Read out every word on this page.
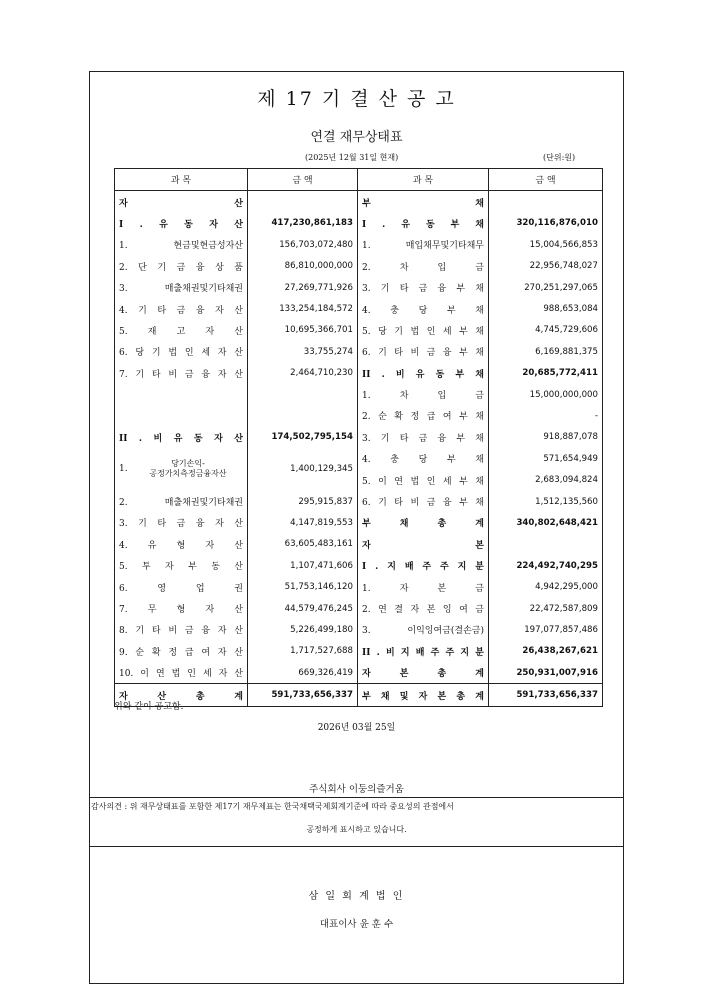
제 17 기 결 산 공 고
연결 재무상태표
(2025년 12월 31일 현재)	(단위:원)
과 목	금 액	과 목	금 액

자 산		부 채	

I . 유 동 자 산	417,230,861,183	I . 유 동 부 채	320,116,876,010

1. 현금및현금성자산	156,703,072,480	1. 매입채무및기타채무	15,004,566,853

2. 단 기 금 융 상 품	86,810,000,000	2. 차 입 금	22,956,748,027

3. 매출채권및기타채권	27,269,771,926	3. 기 타 금 융 부 채	270,251,297,065

4. 기 타 금 융 자 산	133,254,184,572	4. 충 당 부 채	988,653,084

5. 재 고 자 산	10,695,366,701	5. 당 기 법 인 세 부 채	4,745,729,606

6. 당 기 법 인 세 자 산	33,755,274	6. 기 타 비 금 융 부 채	6,169,881,375

7. 기 타 비 금 융 자 산	2,464,710,230	II . 비 유 동 부 채	20,685,772,411

		1. 차 입 금	15,000,000,000

		2. 순 확 정 급 여 부 채	-

II . 비 유 동 자 산	174,502,795,154	3. 기 타 금 융 부 채	918,887,078

1.
당기손익-
공정가치측정금융자산	1,400,129,345	4. 충 당 부 채	571,654,949

		5. 이 연 법 인 세 부 채	2,683,094,824

2. 매출채권및기타채권	295,915,837	6. 기 타 비 금 융 부 채	1,512,135,560

3. 기 타 금 융 자 산	4,147,819,553	부 채 총 계	340,802,648,421

4. 유 형 자 산	63,605,483,161	자 본	

5. 투 자 부 동 산	1,107,471,606	I . 지 배 주 주 지 분	224,492,740,295

6. 영 업 권	51,753,146,120	1. 자 본 금	4,942,295,000

7. 무 형 자 산	44,579,476,245	2. 연 결 자 본 잉 여 금	22,472,587,809

8. 기 타 비 금 융 자 산	5,226,499,180	3. 이익잉여금(결손금)	197,077,857,486

9. 순 확 정 급 여 자 산	1,717,527,688	II . 비 지 배 주 주 지 분	26,438,267,621

10. 이 연 법 인 세 자 산	669,326,419	자 본 총 계	250,931,007,916

자 산 총 계	591,733,656,337	부 채 및 자 본 총 계	591,733,656,337
위와 같이 공고함.
2026년 03월 25일
주식회사 이둥의즐거움
감사의견 : 위 재무상태표를 포함한 제17기 재무제표는 한국채택국제회계기준에 따라 중요성의 관점에서
공정하게 표시하고 있습니다.
삼 일 회 계 법 인
대표이사 윤 훈 수
